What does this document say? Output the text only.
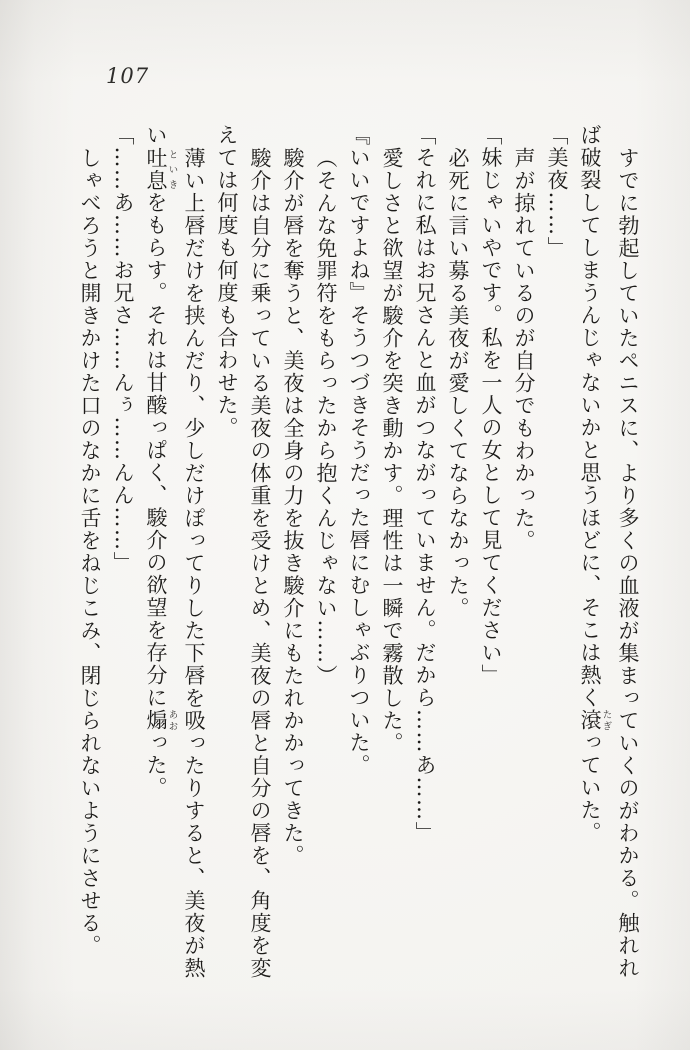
107
すでに勃起していたペニスに、より多くの血液が集まっていくのがわかる。触れれ
ば破裂してしまうんじゃないかと思うほどに、そこは熱く滾たぎっていた。
「美夜……」
声が掠れているのが自分でもわかった。
「妹じゃいやです。私を一人の女として見てください」
必死に言い募る美夜が愛しくてならなかった。
「それに私はお兄さんと血がつながっていません。だから……あ……」
愛しさと欲望が駿介を突き動かす。理性は一瞬で霧散した。
『いいですよね』そうつづきそうだった唇にむしゃぶりついた。
（そんな免罪符をもらったから抱くんじゃない……）
駿介が唇を奪うと、美夜は全身の力を抜き駿介にもたれかかってきた。
駿介は自分に乗っている美夜の体重を受けとめ、美夜の唇と自分の唇を、角度を変
えては何度も何度も合わせた。
薄い上唇だけを挟んだり、少しだけぽってりした下唇を吸ったりすると、美夜が熱
い吐息といきをもらす。それは甘酸っぱく、駿介の欲望を存分に煽あおった。
「……あ……お兄さ……んぅ……んん……」
しゃべろうと開きかけた口のなかに舌をねじこみ、閉じられないようにさせる。
